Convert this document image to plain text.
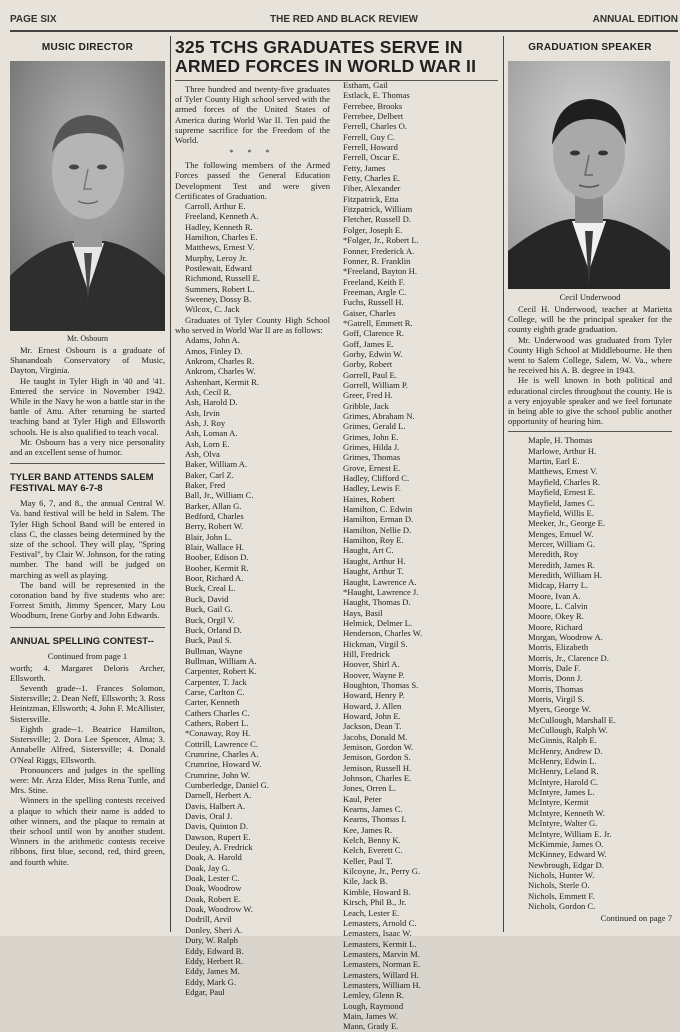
PAGE SIX	THE RED AND BLACK REVIEW	ANNUAL EDITION
MUSIC DIRECTOR
Mr. Osbourn

Mr. Ernest Osbourn is a graduate of Shanandoah Conservatory of Music, Dayton, Virginia.

He taught in Tyler High in '40 and '41. Entered the service in November 1942. While in the Navy he won a battle star in the battle of Attu. After returning he started teaching band at Tyler High and Ellsworth schools. He is also qualified to teach vocal.

Mr. Osbourn has a very nice personality and an excellent sense of humor.

TYLER BAND ATTENDS SALEM FESTIVAL MAY 6-7-8

May 6, 7, and 8., the annual Central W. Va. band festival will be held in Salem. The Tyler High School Band will be entered in class C, the classes being determined by the size of the school. They will play, "Spring Festival", by Clair W. Johnson, for the rating number. The band will be judged on marching as well as playing.

The band will be represented in the coronation band by five students who are: Forrest Smith, Jimmy Spencer, Mary Lou Woodburn, Irene Gorby and John Edwards.

ANNUAL SPELLING CONTEST--
Continued from page 1

worth; 4. Margaret Deloris Archer, Ellsworth.

Seventh grade--1. Frances Solomon, Sistersville; 2. Dean Neff, Ellsworth; 3. Ross Heintzman, Ellsworth; 4. John F. McAllister, Sistersville.

Eighth grade--1. Beatrice Hamilton, Sistersville; 2. Dora Lee Spencer, Alma; 3. Annabelle Alfred, Sistersville; 4. Donald O'Neal Riggs, Ellsworth.

Pronouncers and judges in the spelling were: Mr. Arza Elder, Miss Rena Tuttle, and Mrs. Stine.

Winners in the spelling contests received a plaque to which their name is added to other winners, and the plaque to remain at their school until won by another student. Winners in the arithmetic contests receive ribbons, first blue, second, red, third green, and fourth white.

325 TCHS GRADUATES SERVE IN ARMED FORCES IN WORLD WAR II

Three hundred and twenty-five graduates of Tyler County High school served with the armed forces of the United States of America during World War II. Ten paid the supreme sacrifice for the Freedom of the World.

* * *

The following members of the Armed Forces passed the General Education Development Test and were given Certificates of Graduation.

Carroll, Arthur E.
Freeland, Kenneth A.
Hadley, Kenneth R.
Hamilton, Charles E.
Matthews, Ernest V.
Murphy, Leroy Jr.
Postlewait, Edward
Richmond, Russell E.
Summers, Robert L.
Sweeney, Dossy B.
Wilcox, C. Jack

Graduates of Tyler County High School who served in World War II are as follows:

Adams, John A.
Amos, Finley D.
Ankrom, Charles R.
Ankrom, Charles W.
Ashenhart, Kermit R.
Ash, Cecil R.
Ash, Harold D.
Ash, Irvin
Ash, J. Roy
Ash, Loman A.
Ash, Lorn E.
Ash, Olva
Baker, William A.
Baker, Carl Z.
Baker, Fred
Ball, Jr., William C.
Barker, Allan G.
Bedford, Charles
Berry, Robert W.
Blair, John L.
Blair, Wallace H.
Boober, Edison D.
Boober, Kermit R.
Boor, Richard A.
Buck, Creal L.
Buck, David
Buck, Gail G.
Buck, Orgil V.
Buck, Orland D.
Buck, Paul S.
Bullman, Wayne
Bullman, William A.
Carpenter, Robert K.
Carpenter, T. Jack
Carse, Carlton C.
Carter, Kenneth
Cathers Charles C.
Cathers, Robert L.
*Conaway, Roy H.
Cottrill, Lawrence C.
Crumrine, Charles A.
Crumrine, Howard W.
Crumrine, John W.
Cumberledge, Daniel G.
Darnell, Herbert A.
Davis, Halbert A.
Davis, Oral J.
Davis, Quinton D.
Dawson, Rupert E.
Deuley, A. Fredrick
Doak, A. Harold
Doak, Jay G.
Doak, Lester C.
Doak, Woodrow
Doak, Robert E.
Doak, Woodrow W.
Dodrill, Arvil
Donley, Sheri A.
Duty, W. Ralph
Eddy, Edward B.
Eddy, Herbert R.
Eddy, James M.
Eddy, Mark G.
Edgar, Paul
Estham, Gail
Estlack, E. Thomas
Ferrebee, Brooks
Ferrebee, Delbert
Ferrell, Charles O.
Ferrell, Guy C.
Ferrell, Howard
Ferrell, Oscar E.
Fetty, James
Fetty, Charles E.
Fiber, Alexander
Fitzpatrick, Etta
Fitzpatrick, William
Fletcher, Russell D.
Folger, Joseph E.
*Folger, Jr., Robert L.
Fonner, Frederick A.
Fonner, R. Franklin
*Freeland, Bayton H.
Freeland, Keith F.
Freeman, Argle C.
Fuchs, Russell H.
Gaiser, Charles
*Gatrell, Emmett R.
Goff, Clarence R.
Goff, James E.
Gorby, Edwin W.
Gorby, Robert
Gorrell, Paul E.
Gorrell, William P.
Greer, Fred H.
Gribble, Jack
Grimes, Abraham N.
Grimes, Gerald L.
Grimes, John E.
Grimes, Hilda J.
Grimes, Thomas
Grove, Ernest E.
Hadley, Clifford C.
Hadley, Lewis F.
Haines, Robert
Hamilton, C. Edwin
Hamilton, Erman D.
Hamilton, Nellie D.
Hamilton, Roy E.
Haught, Art C.
Haught, Arthur H.
Haught, Arthur T.
Haught, Lawrence A.
*Haught, Lawrence J.
Haught, Thomas D.
Hays, Basil
Helmick, Delmer L.
Henderson, Charles W.
Hickman, Virgil S.
Hill, Fredrick
Hoover, Shirl A.
Hoover, Wayne P.
Houghton, Thomas S.
Howard, Henry P.
Howard, J. Allen
Howard, John E.
Jackson, Dean T.
Jacobs, Donald M.
Jemison, Gordon W.
Jemison, Gordon S.
Jemison, Russell H.
Johnson, Charles E.
Jones, Orren L.
Kaul, Peter
Kearns, James C.
Kearns, Thomas I.
Kee, James R.
Kelch, Benny K.
Kelch, Everett C.
Keller, Paul T.
Kilcoyne, Jr., Perry G.
Kile, Jack B.
Kimble, Howard B.
Kirsch, Phil B., Jr.
Leach, Lester E.
Lemasters, Arnold C.
Lemasters, Isaac W.
Lemasters, Kermit L.
Lemasters, Marvin M.
Lemasters, Norman E.
Lemasters, Willard H.
Lemasters, William H.
Lemley, Glenn R.
Lough, Raymond
Main, James W.
Mann, Grady E.
GRADUATION SPEAKER
Cecil Underwood

Cecil H. Underwood, teacher at Marietta College, will be the principal speaker for the county eighth grade graduation.

Mr. Underwood was graduated from Tyler County High School at Middlebourne. He then went to Salem College, Salem, W. Va., where he received his A. B. degree in 1943.

He is well known in both political and educational circles throughout the county. He is a very enjoyable speaker and we feel fortunate in being able to give the school public another opportunity of hearing him.

Maple, H. Thomas
Marlowe, Arthur H.
Martin, Earl E.
Matthews, Ernest V.
Mayfield, Charles R.
Mayfield, Ernest E.
Mayfield, James C.
Mayfield, Willis E.
Meeker, Jr., George E.
Menges, Emuel W.
Mercer, William G.
Meredith, Roy
Meredith, James R.
Meredith, William H.
Midcap, Harry L.
Moore, Ivan A.
Moore, L. Calvin
Moore, Okey R.
Moore, Richard
Morgan, Woodrow A.
Morris, Elizabeth
Morris, Jr., Clarence D.
Morris, Dale F.
Morris, Donn J.
Morris, Thomas
Morris, Virgil S.
Myers, George W.
McCullough, Marshall E.
McCullough, Ralph W.
McGinnis, Ralph E.
McHenry, Andrew D.
McHenry, Edwin L.
McHenry, Leland R.
McIntyre, Harold C.
McIntyre, James L.
McIntyre, Kermit
McIntyre, Kenneth W.
McIntyre, Walter G.
McIntyre, William E. Jr.
McKimmie, James O.
McKinney, Edward W.
Newbrough, Edgar D.
Nichols, Hunter W.
Nichols, Sterle O.
Nichols, Emmett F.
Nichols, Gordon C.
Continued on page 7
